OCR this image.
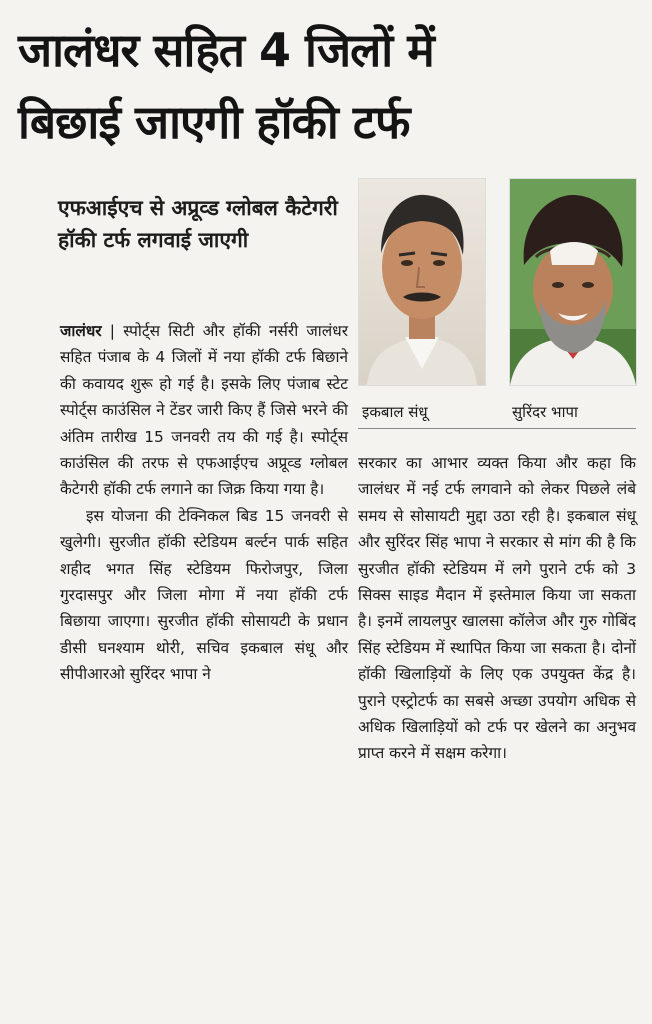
जालंधर सहित 4 जिलों में
बिछाई जाएगी हॉकी टर्फ
एफआईएच से अप्रूव्ड ग्लोबल कैटेगरी हॉकी टर्फ लगवाई जाएगी

जालंधर | स्पोर्ट्स सिटी और हॉकी नर्सरी जालंधर सहित पंजाब के 4 जिलों में नया हॉकी टर्फ बिछाने की कवायद शुरू हो गई है। इसके लिए पंजाब स्टेट स्पोर्ट्स काउंसिल ने टेंडर जारी किए हैं जिसे भरने की अंतिम तारीख 15 जनवरी तय की गई है। स्पोर्ट्स काउंसिल की तरफ से एफआईएच अप्रूव्ड ग्लोबल कैटेगरी हॉकी टर्फ लगाने का जिक्र किया गया है।

इस योजना की टेक्निकल बिड 15 जनवरी से खुलेगी। सुरजीत हॉकी स्टेडियम बर्ल्टन पार्क सहित शहीद भगत सिंह स्टेडियम फिरोजपुर, जिला गुरदासपुर और जिला मोगा में नया हॉकी टर्फ बिछाया जाएगा। सुरजीत हॉकी सोसायटी के प्रधान डीसी घनश्याम थोरी, सचिव इकबाल संधू और सीपीआरओ सुरिंदर भापा ने

इकबाल संधू	सुरिंदर भापा

सरकार का आभार व्यक्त किया और कहा कि जालंधर में नई टर्फ लगवाने को लेकर पिछले लंबे समय से सोसायटी मुद्दा उठा रही है। इकबाल संधू और सुरिंदर सिंह भापा ने सरकार से मांग की है कि सुरजीत हॉकी स्टेडियम में लगे पुराने टर्फ को 3 सिक्स साइड मैदान में इस्तेमाल किया जा सकता है। इनमें लायलपुर खालसा कॉलेज और गुरु गोबिंद सिंह स्टेडियम में स्थापित किया जा सकता है। दोनों हॉकी खिलाड़ियों के लिए एक उपयुक्त केंद्र है। पुराने एस्ट्रोटर्फ का सबसे अच्छा उपयोग अधिक से अधिक खिलाड़ियों को टर्फ पर खेलने का अनुभव प्राप्त करने में सक्षम करेगा।
